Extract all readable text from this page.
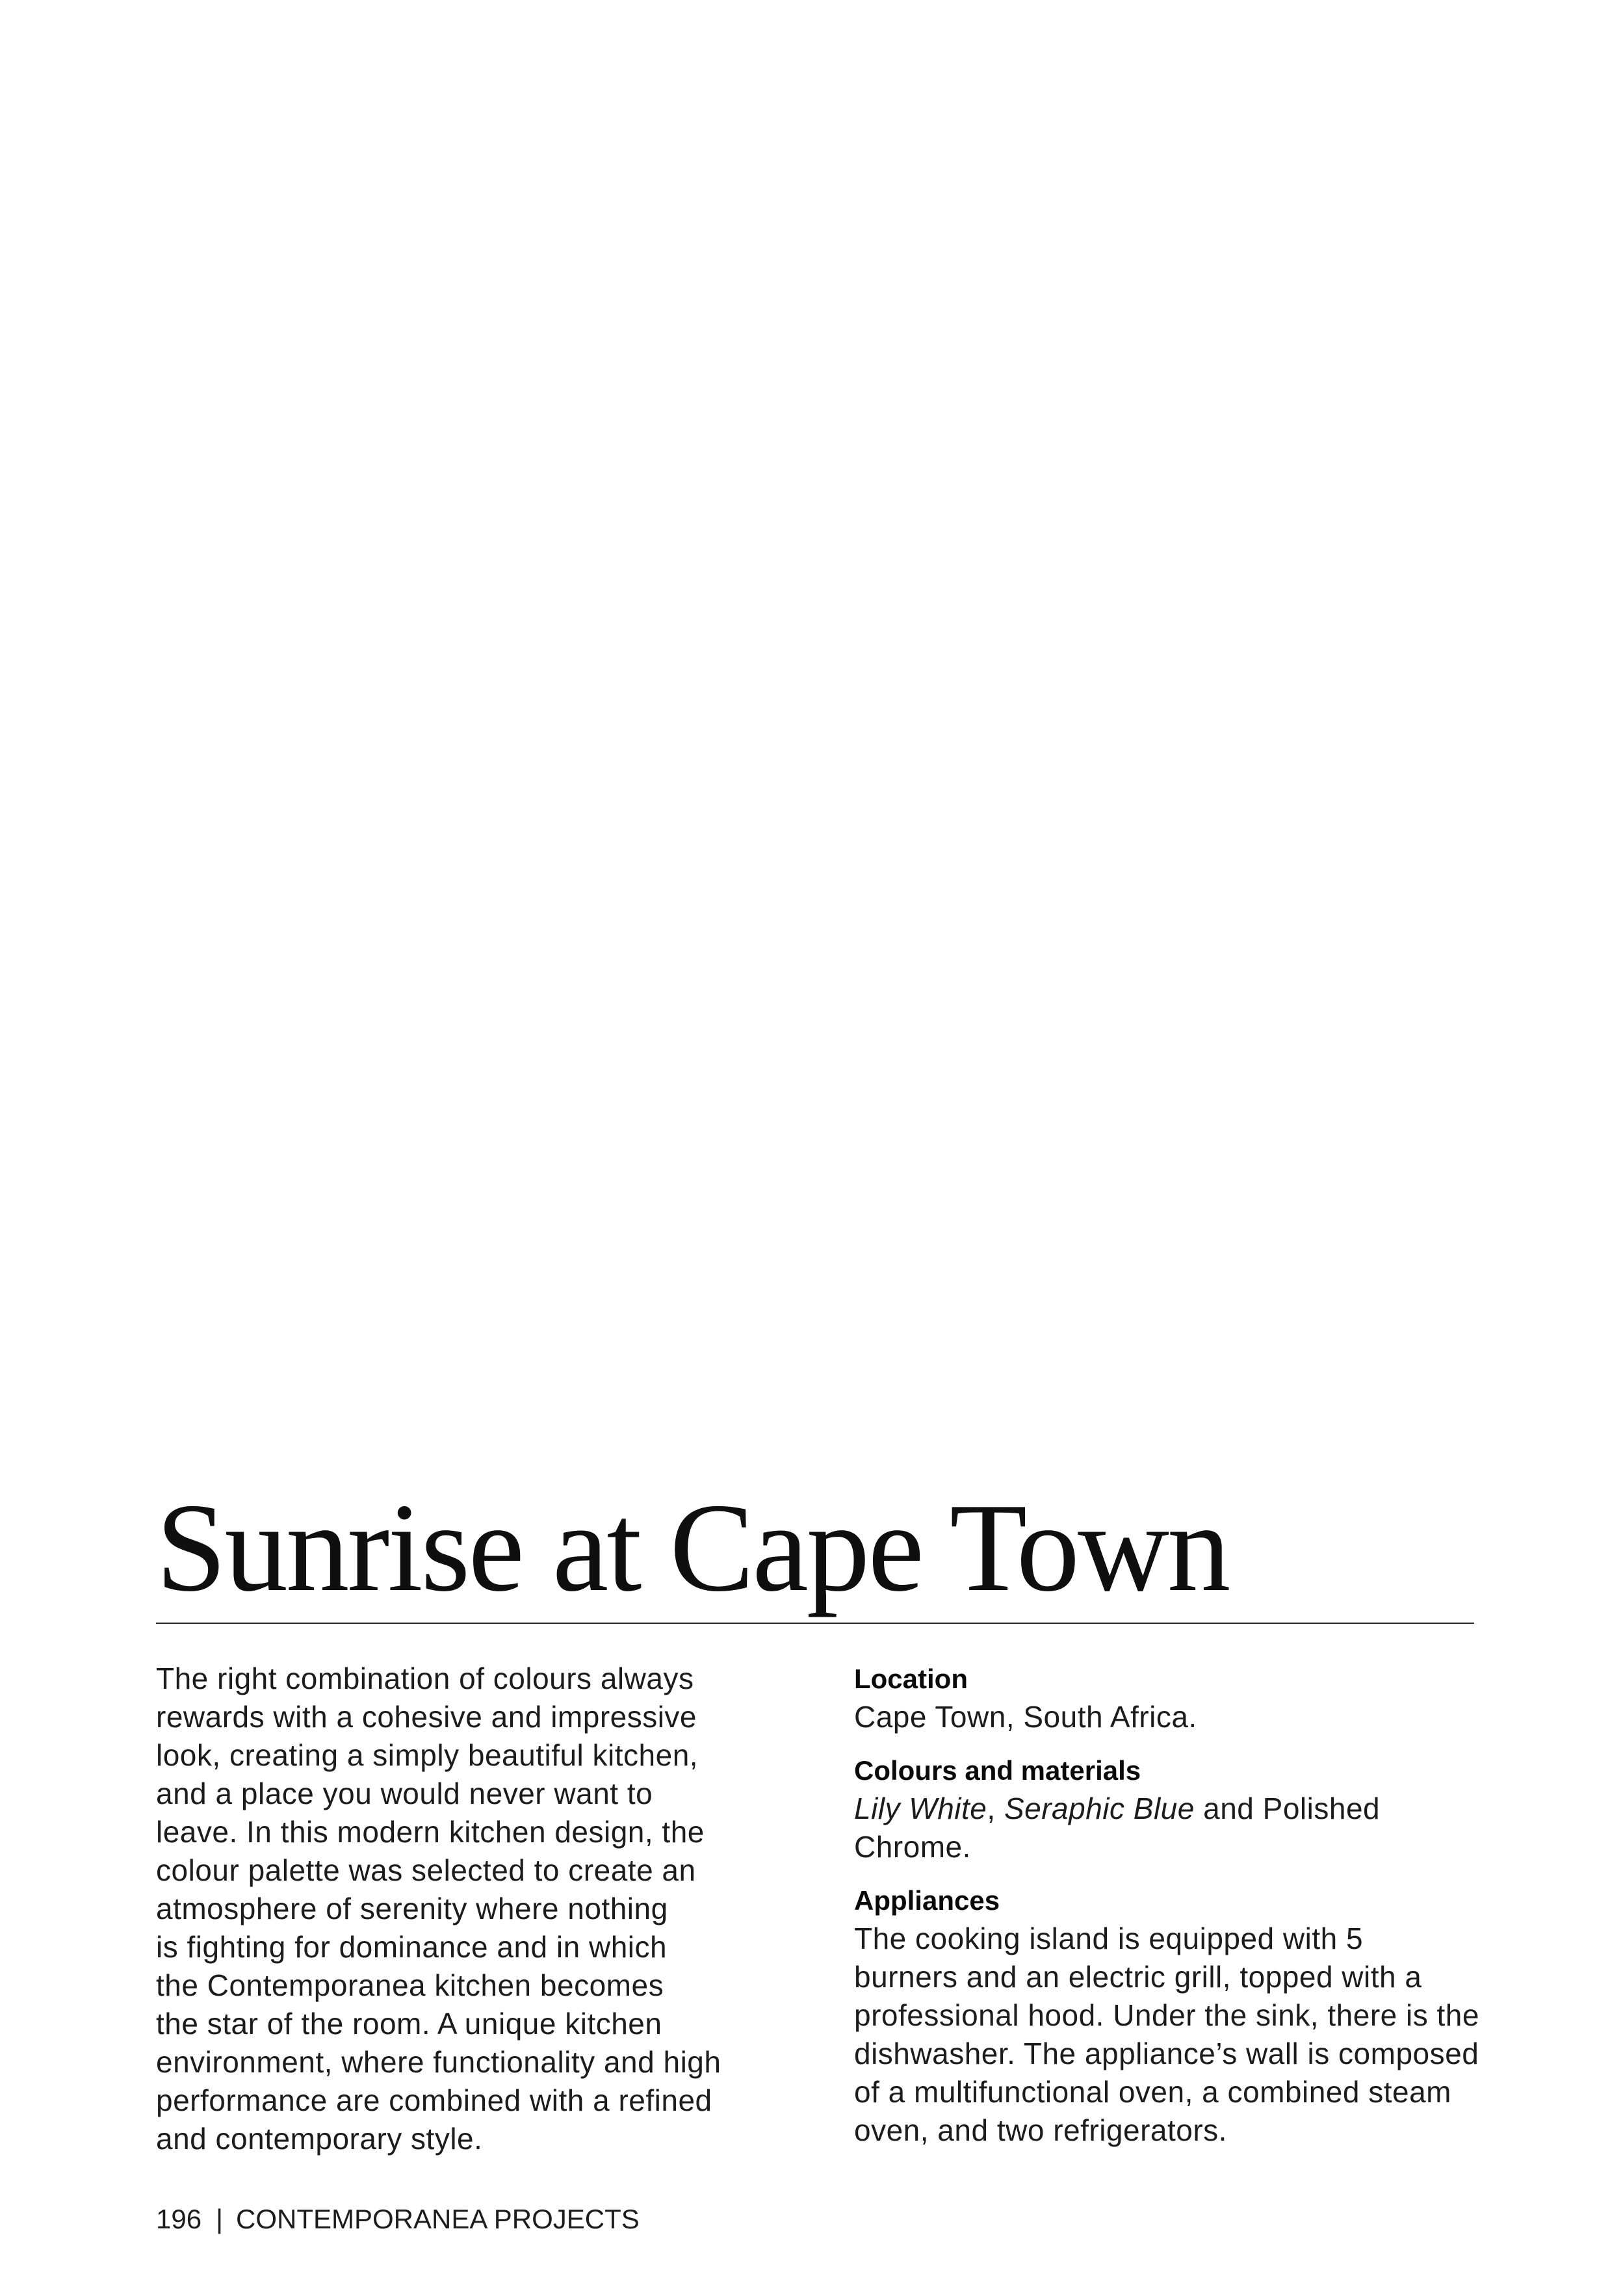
Sunrise at Cape Town

The right combination of colours always
rewards with a cohesive and impressive
look, creating a simply beautiful kitchen,
and a place you would never want to
leave. In this modern kitchen design, the
colour palette was selected to create an
atmosphere of serenity where nothing
is fighting for dominance and in which
the Contemporanea kitchen becomes
the star of the room. A unique kitchen
environment, where functionality and high
performance are combined with a refined
and contemporary style.

Location
Cape Town, South Africa.
Colours and materials
Lily White, Seraphic Blue and Polished
Chrome.
Appliances
The cooking island is equipped with 5
burners and an electric grill, topped with a
professional hood. Under the sink, there is the
dishwasher. The appliance’s wall is composed
of a multifunctional oven, a combined steam
oven, and two refrigerators.
196 | CONTEMPORANEA PROJECTS
